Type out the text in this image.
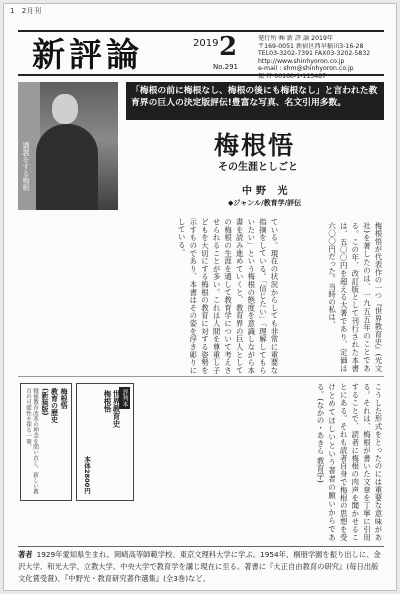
1 2月刊
新評論	2019 2
No.291
発行所 ㈱ 新 評 論 2019年
〒169-0051 新宿区西早稲田3-16-28
TEL03-3202-7391 FAX03-3202-5832
http://www.shinhyoron.co.jp
e-mail : shm@shinhyoron.co.jp
振 替 00160-1-113487
講義をする梅根
「梅根の前に梅根なし、梅根の後にも梅根なし」と言われた教育界の巨人の決定版評伝!豊富な写真、名文引用多数。
梅根悟
その生涯としごと
中野 光
◆ジャンル/教育学/評伝
梅根悟が代表作の一つ『世界教育史』(光文社)を著したのは、一九五五年のことである。この年、改訂版として刊行された本書は、五〇〇円を超える大著であり、定価は六〇〇円だった。当時の私は、
ている。現在の状況からしても非常に重要な指摘をしている。「信じたい」「理解してもらいたい」という梅根の態度を意識しながら本書を読み進めていくと、教育界の巨人としての梅根の生涯を通して教育学について考えさせられることが多い。これは人間を尊重し子どもを大切にする梅根の教育に対する姿勢を示すものであり、本書はその姿を浮き彫りにしている。
こうした形式をとったのには重要な意味がある。それは、梅根が書いた文章を丁寧に引用することで、読者に梅根の肉声を聞かせることにある。それも読者自身で梅根の思想を受けとめてほしいという著者の願いからである。(なかの・あきら 教育学)
評判本
世界教育史
梅根悟
本体2800円
梅根悟
教育の歴史
(新装版)
戦後教育改革の理念を問い直し、新しい教育の可能性を探る一冊。
著者 1929年愛知県生まれ。岡崎高等師範学校、東京文理科大学に学ぶ。1954年、桐朋学園を振り出しに、金沢大学、和光大学、立教大学、中央大学で教育学を講じ現在に至る。著書に『大正自由教育の研究』(毎日出版文化賞受賞)、『中野光・教育研究著作選集』(全3巻)など。
